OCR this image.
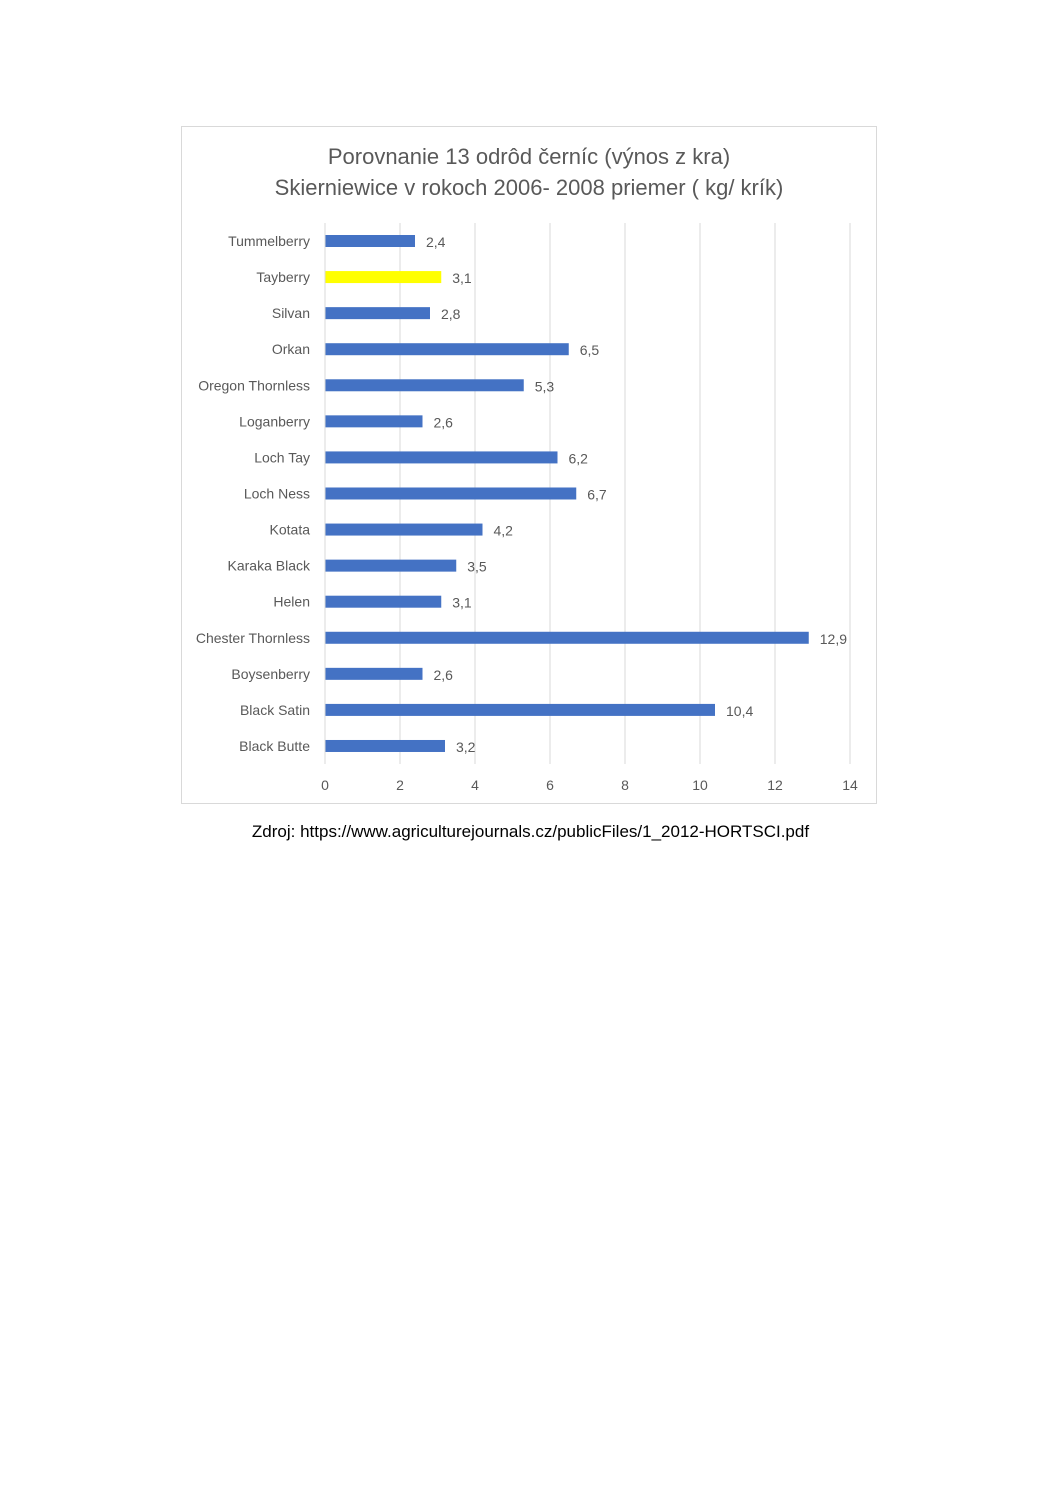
Porovnanie 13 odrôd černíc (výnos z kra)
Skierniewice v rokoch 2006- 2008 priemer ( kg/ krík)
0	2	4	6	8	10	12	14
Tummelberry	2,4
Tayberry	3,1
Silvan	2,8
Orkan	6,5
Oregon Thornless	5,3
Loganberry	2,6
Loch Tay	6,2
Loch Ness	6,7
Kotata	4,2
Karaka Black	3,5
Helen	3,1
Chester Thornless	12,9
Boysenberry	2,6
Black Satin	10,4
Black Butte	3,2
Zdroj: https://www.agriculturejournals.cz/publicFiles/1_2012-HORTSCI.pdf
